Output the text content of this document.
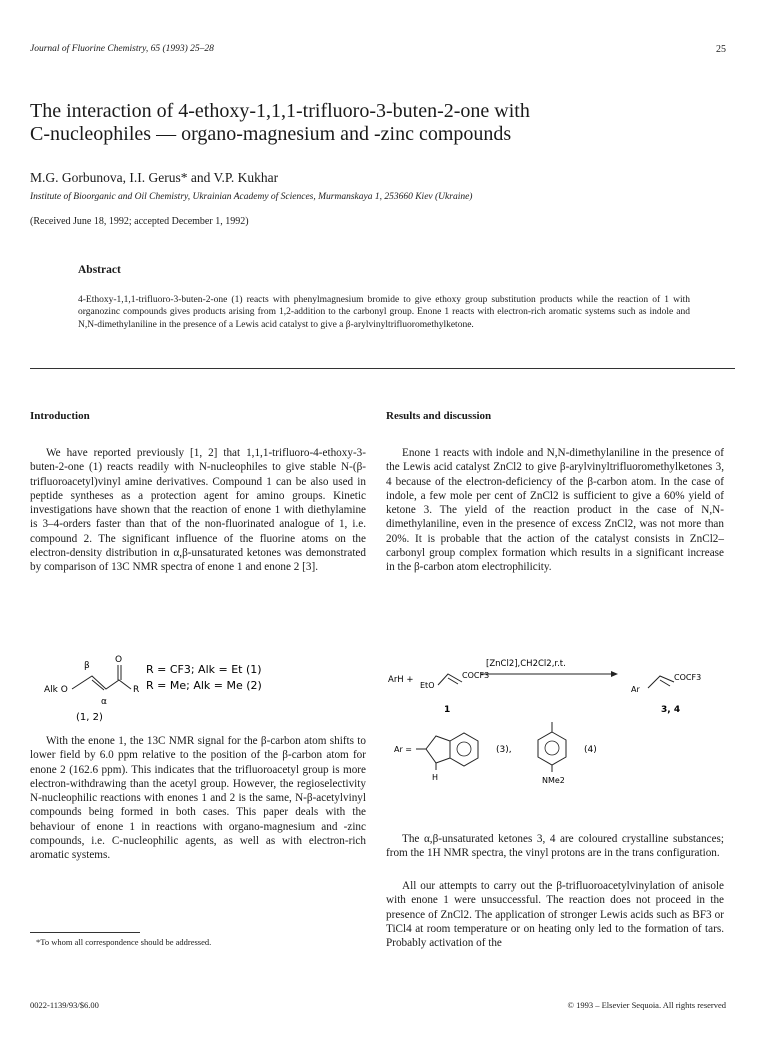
Journal of Fluorine Chemistry, 65 (1993) 25–28	25
The interaction of 4-ethoxy-1,1,1-trifluoro-3-buten-2-one with
C-nucleophiles — organo-magnesium and -zinc compounds
M.G. Gorbunova, I.I. Gerus* and V.P. Kukhar
Institute of Bioorganic and Oil Chemistry, Ukrainian Academy of Sciences, Murmanskaya 1, 253660 Kiev (Ukraine)
(Received June 18, 1992; accepted December 1, 1992)
Abstract
4-Ethoxy-1,1,1-trifluoro-3-buten-2-one (1) reacts with phenylmagnesium bromide to give ethoxy group substitution products while the reaction of 1 with organozinc compounds gives products arising from 1,2-addition to the carbonyl group. Enone 1 reacts with electron-rich aromatic systems such as indole and N,N-dimethylaniline in the presence of a Lewis acid catalyst to give a β-arylvinyltrifluoromethylketone.
Introduction

We have reported previously [1, 2] that 1,1,1-trifluoro-4-ethoxy-3-buten-2-one (1) reacts readily with N-nucleophiles to give stable N-(β-trifluoroacetyl)vinyl amine derivatives. Compound 1 can be also used in peptide syntheses as a protection agent for amino groups. Kinetic investigations have shown that the reaction of enone 1 with diethylamine is 3–4-orders faster than that of the non-fluorinated analogue of 1, i.e. compound 2. The significant influence of the fluorine atoms on the electron-density distribution in α,β-unsaturated ketones was demonstrated by comparison of 13C NMR spectra of enone 1 and enone 2 [3].

β
O
Alk O	R
α
(1, 2)
R = CF3; Alk = Et (1)
R = Me; Alk = Me (2)

With the enone 1, the 13C NMR signal for the β-carbon atom shifts to lower field by 6.0 ppm relative to the position of the β-carbon atom for enone 2 (162.6 ppm). This indicates that the trifluoroacetyl group is more electron-withdrawing than the acetyl group. However, the regioselectivity N-nucleophilic reactions with enones 1 and 2 is the same, N-β-acetylvinyl compounds being formed in both cases. This paper deals with the behaviour of enone 1 in reactions with organo-magnesium and -zinc compounds, i.e. C-nucleophilic agents, as well as with electron-rich aromatic systems.

*To whom all correspondence should be addressed.
Results and discussion

Enone 1 reacts with indole and N,N-dimethylaniline in the presence of the Lewis acid catalyst ZnCl2 to give β-arylvinyltrifluoromethylketones 3, 4 because of the electron-deficiency of the β-carbon atom. In the case of indole, a few mole per cent of ZnCl2 is sufficient to give a 60% yield of ketone 3. The yield of the reaction product in the case of N,N-dimethylaniline, even in the presence of excess ZnCl2, was not more than 20%. It is probable that the action of the catalyst consists in ZnCl2–carbonyl group complex formation which results in a significant increase in the β-carbon atom electrophilicity.

[ZnCl2],CH2Cl2,r.t.
ArH +
EtO
COCF3
1
Ar
COCF3
3, 4
Ar =
H
(3),
NMe2
(4)

The α,β-unsaturated ketones 3, 4 are coloured crystalline substances; from the 1H NMR spectra, the vinyl protons are in the trans configuration.

All our attempts to carry out the β-trifluoroacetylvinylation of anisole with enone 1 were unsuccessful. The reaction does not proceed in the presence of ZnCl2. The application of stronger Lewis acids such as BF3 or TiCl4 at room temperature or on heating only led to the formation of tars. Probably activation of the

0022-1139/93/$6.00	© 1993 – Elsevier Sequoia. All rights reserved
